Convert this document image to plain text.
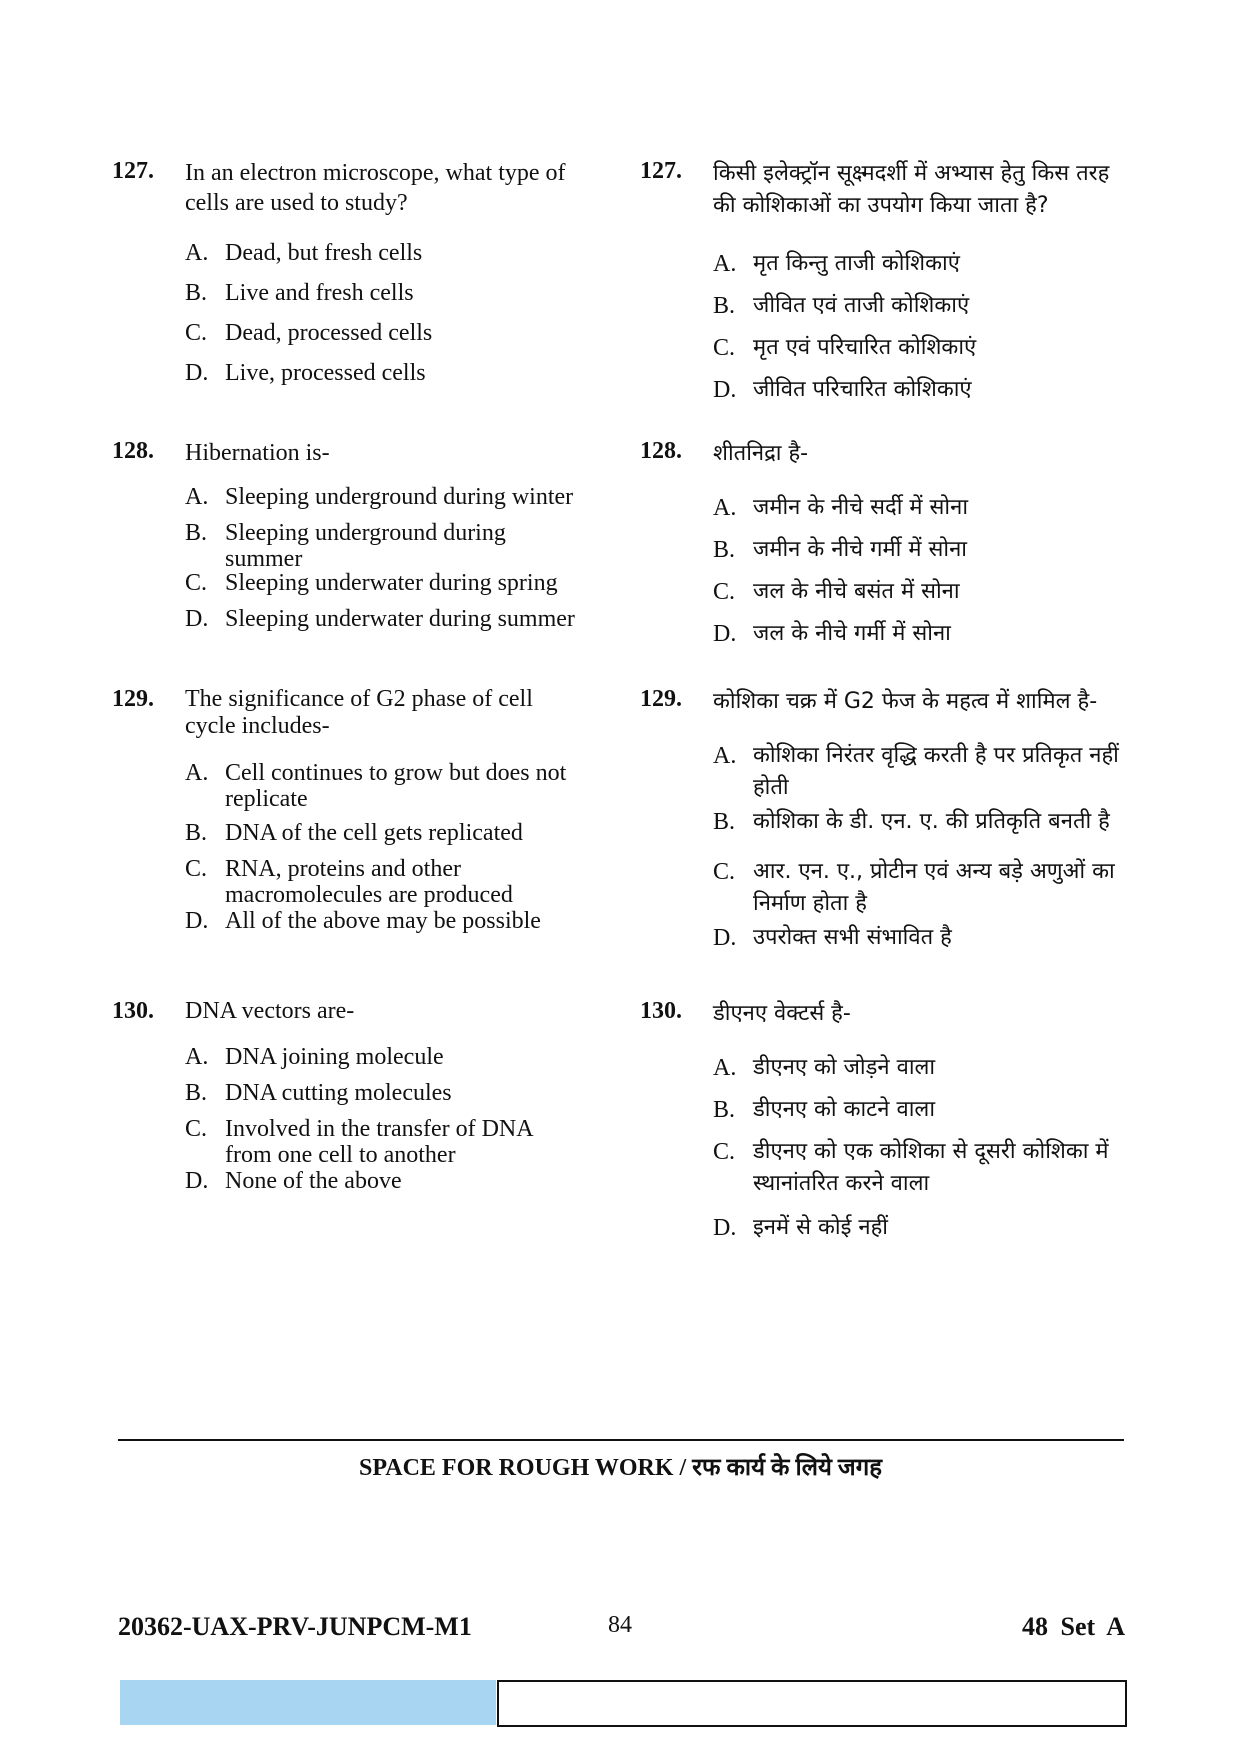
127. In an electron microscope, what type of
cells are used to study?
A. Dead, but fresh cells
B. Live and fresh cells
C. Dead, processed cells
D. Live, processed cells
128. Hibernation is-
A. Sleeping underground during winter
B. Sleeping underground during
summer
C. Sleeping underwater during spring
D. Sleeping underwater during summer
129. The significance of G2 phase of cell
cycle includes-
A. Cell continues to grow but does not
replicate
B. DNA of the cell gets replicated
C. RNA, proteins and other
macromolecules are produced
D. All of the above may be possible
130. DNA vectors are-
A. DNA joining molecule
B. DNA cutting molecules
C. Involved in the transfer of DNA
from one cell to another
D. None of the above
127. किसी इलेक्ट्रॉन सूक्ष्मदर्शी में अभ्यास हेतु किस तरह
की कोशिकाओं का उपयोग किया जाता है?
A. मृत किन्तु ताजी कोशिकाएं
B. जीवित एवं ताजी कोशिकाएं
C. मृत एवं परिचारित कोशिकाएं
D. जीवित परिचारित कोशिकाएं
128. शीतनिद्रा है-
A. जमीन के नीचे सर्दी में सोना
B. जमीन के नीचे गर्मी में सोना
C. जल के नीचे बसंत में सोना
D. जल के नीचे गर्मी में सोना
129. कोशिका चक्र में G2 फेज के महत्व में शामिल है-
A. कोशिका निरंतर वृद्धि करती है पर प्रतिकृत नहीं
होती
B. कोशिका के डी. एन. ए. की प्रतिकृति बनती है
C. आर. एन. ए., प्रोटीन एवं अन्य बड़े अणुओं का
निर्माण होता है
D. उपरोक्त सभी संभावित है
130. डीएनए वेक्टर्स है-
A. डीएनए को जोड़ने वाला
B. डीएनए को काटने वाला
C. डीएनए को एक कोशिका से दूसरी कोशिका में
स्थानांतरित करने वाला
D. इनमें से कोई नहीं
SPACE FOR ROUGH WORK / रफ कार्य के लिये जगह
20362-UAX-PRV-JUNPCM-M1	84	48 Set A
